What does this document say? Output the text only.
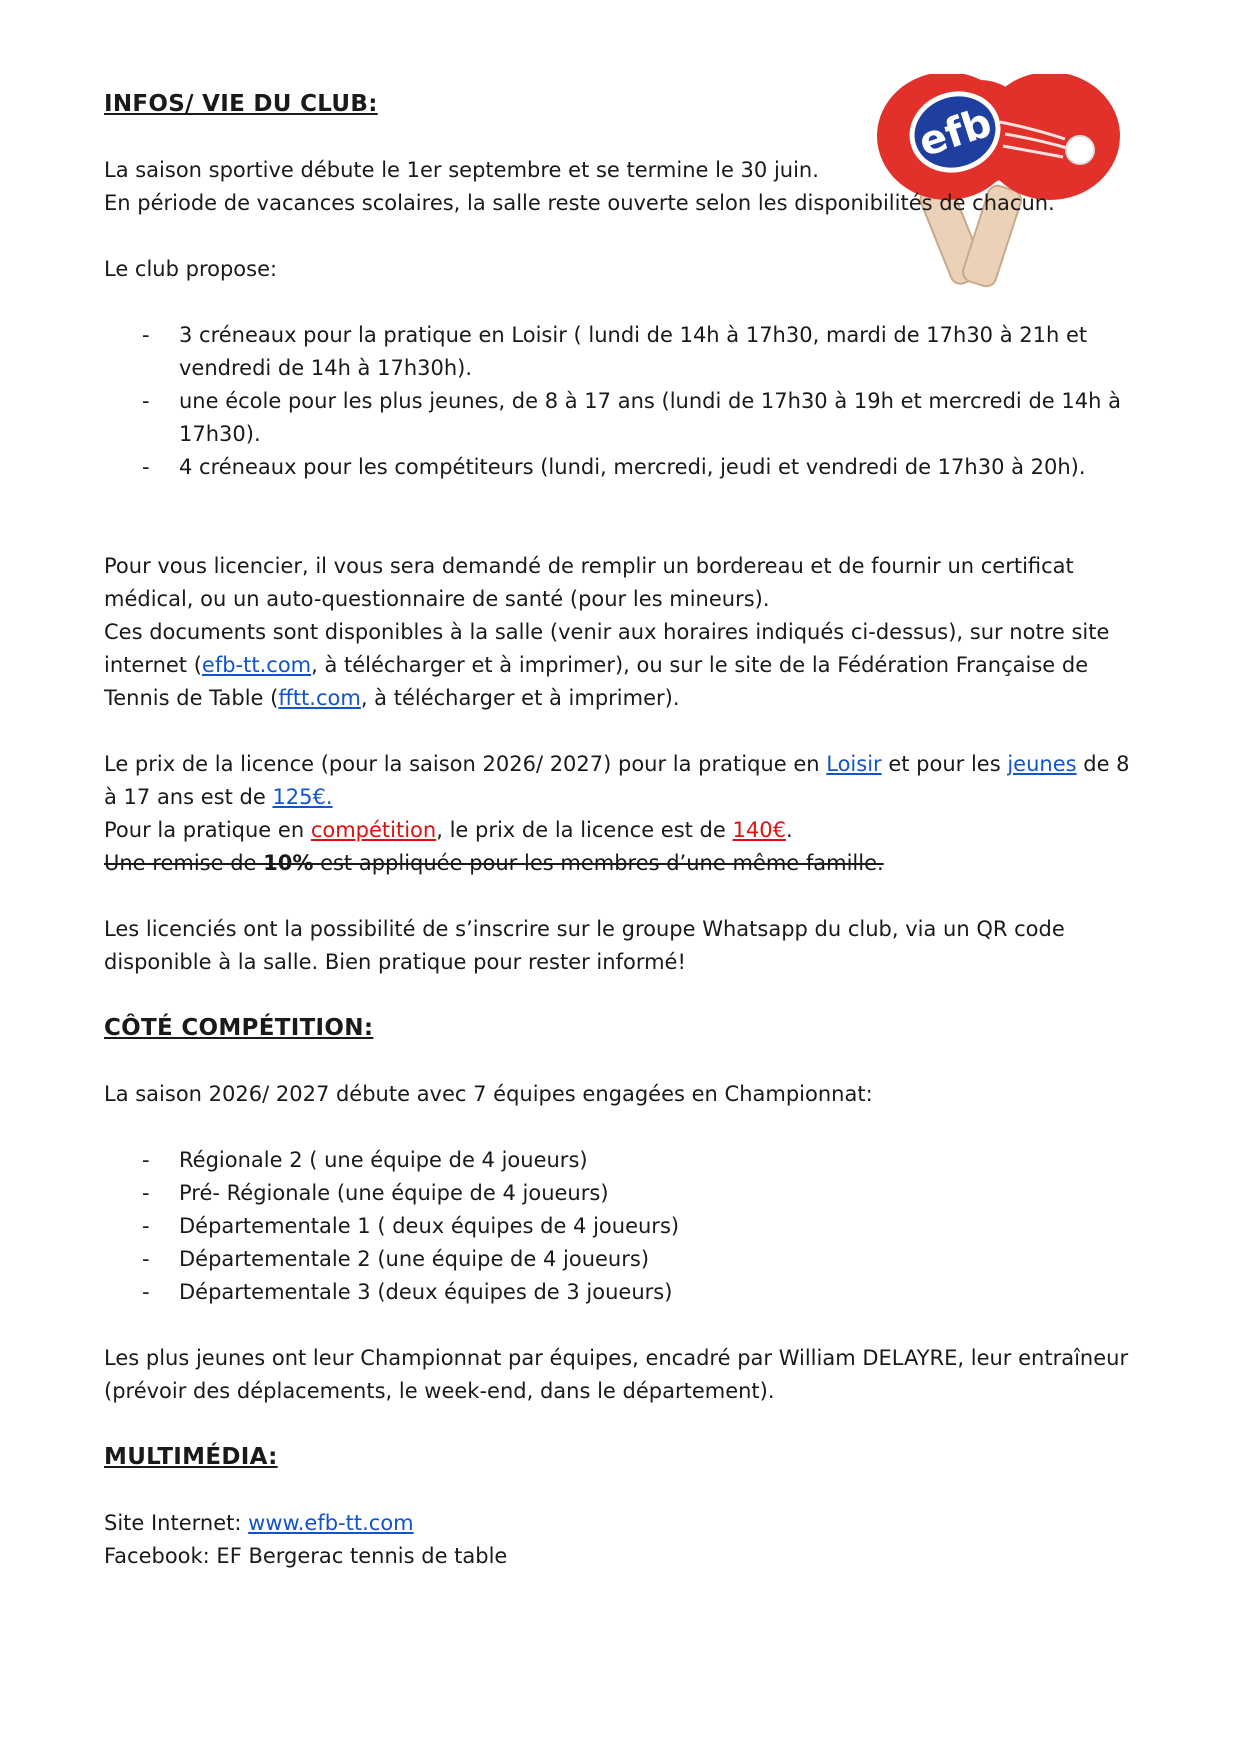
efb

INFOS/ VIE DU CLUB:

La saison sportive débute le 1er septembre et se termine le 30 juin.

En période de vacances scolaires, la salle reste ouverte selon les disponibilités de chacun.

Le club propose:

- 3 créneaux pour la pratique en Loisir ( lundi de 14h à 17h30, mardi de 17h30 à 21h et vendredi de 14h à 17h30h).
- une école pour les plus jeunes, de 8 à 17 ans (lundi de 17h30 à 19h et mercredi de 14h à 17h30).
- 4 créneaux pour les compétiteurs (lundi, mercredi, jeudi et vendredi de 17h30 à 20h).

Pour vous licencier, il vous sera demandé de remplir un bordereau et de fournir un certificat médical, ou un auto-questionnaire de santé (pour les mineurs).

Ces documents sont disponibles à la salle (venir aux horaires indiqués ci-dessus), sur notre site internet (efb-tt.com, à télécharger et à imprimer), ou sur le site de la Fédération Française de Tennis de Table (fftt.com, à télécharger et à imprimer).

Le prix de la licence (pour la saison 2026/ 2027) pour la pratique en Loisir et pour les jeunes de 8 à 17 ans est de 125€.

Pour la pratique en compétition, le prix de la licence est de 140€.

Une remise de 10% est appliquée pour les membres d’une même famille.

Les licenciés ont la possibilité de s’inscrire sur le groupe Whatsapp du club, via un QR code disponible à la salle. Bien pratique pour rester informé!

CÔTÉ COMPÉTITION:

La saison 2026/ 2027 débute avec 7 équipes engagées en Championnat:

- Régionale 2 ( une équipe de 4 joueurs)
- Pré- Régionale (une équipe de 4 joueurs)
- Départementale 1 ( deux équipes de 4 joueurs)
- Départementale 2 (une équipe de 4 joueurs)
- Départementale 3 (deux équipes de 3 joueurs)

Les plus jeunes ont leur Championnat par équipes, encadré par William DELAYRE, leur entraîneur (prévoir des déplacements, le week-end, dans le département).

MULTIMÉDIA:

Site Internet: www.efb-tt.com

Facebook: EF Bergerac tennis de table
